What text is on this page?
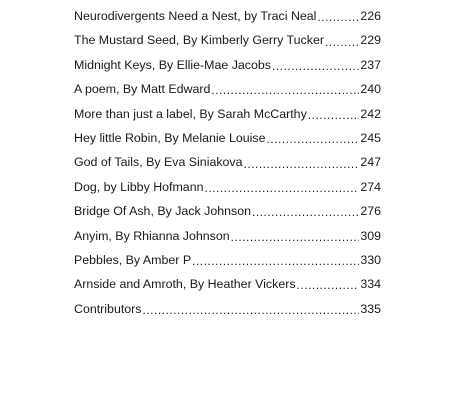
Neurodivergents Need a Nest, by Traci Neal .....	226
The Mustard Seed, By Kimberly Gerry Tucker .....	229
Midnight Keys, By Ellie-Mae Jacobs .....	237
A poem, By Matt Edward .....	240
More than just a label, By Sarah McCarthy .....	242
Hey little Robin, By Melanie Louise .....	245
God of Tails, By Eva Siniakova .....	247
Dog, by Libby Hofmann .....	274
Bridge Of Ash, By Jack Johnson .....	276
Anyim, By Rhianna Johnson .....	309
Pebbles, By Amber P .....	330
Arnside and Amroth, By Heather Vickers .....	334
Contributors .....	335
